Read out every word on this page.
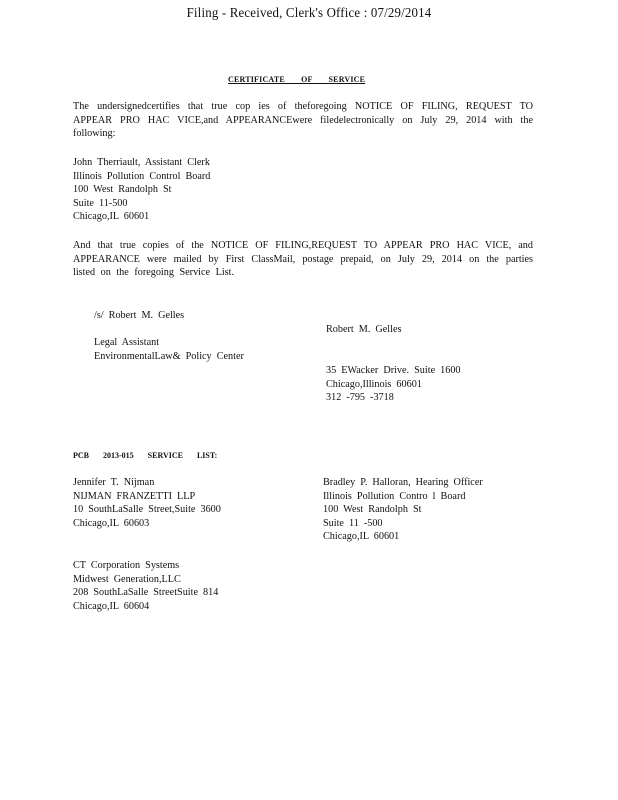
Filing - Received, Clerk's Office : 07/29/2014
CERTIFICATE OF SERVICE
The undersignedcertifies that true cop ies of theforegoing NOTICE OF FILING, REQUEST TO APPEAR PRO HAC VICE,and APPEARANCEwere filedelectronically on July 29, 2014 with the following:
John Therriault, Assistant Clerk
Illinois Pollution Control Board
100 West Randolph St
Suite 11-500
Chicago,IL 60601
And that true copies of the NOTICE OF FILING,REQUEST TO APPEAR PRO HAC VICE, and APPEARANCE were mailed by First ClassMail, postage prepaid, on July 29, 2014 on the parties listed on the foregoing Service List.
/s/ Robert M. Gelles
Legal Assistant
EnvironmentalLaw& Policy Center
Robert M. Gelles
35 EWacker Drive. Suite 1600
Chicago,Illinois 60601
312 -795 -3718
PCB 2013-015 SERVICE LIST:
Jennifer T. Nijman
NIJMAN FRANZETTI LLP
10 SouthLaSalle Street,Suite 3600
Chicago,IL 60603
Bradley P. Halloran, Hearing Officer
Illinois Pollution Contro l Board
100 West Randolph St
Suite 11 -500
Chicago,IL 60601
CT Corporation Systems
Midwest Generation,LLC
208 SouthLaSalle StreetSuite 814
Chicago,IL 60604
